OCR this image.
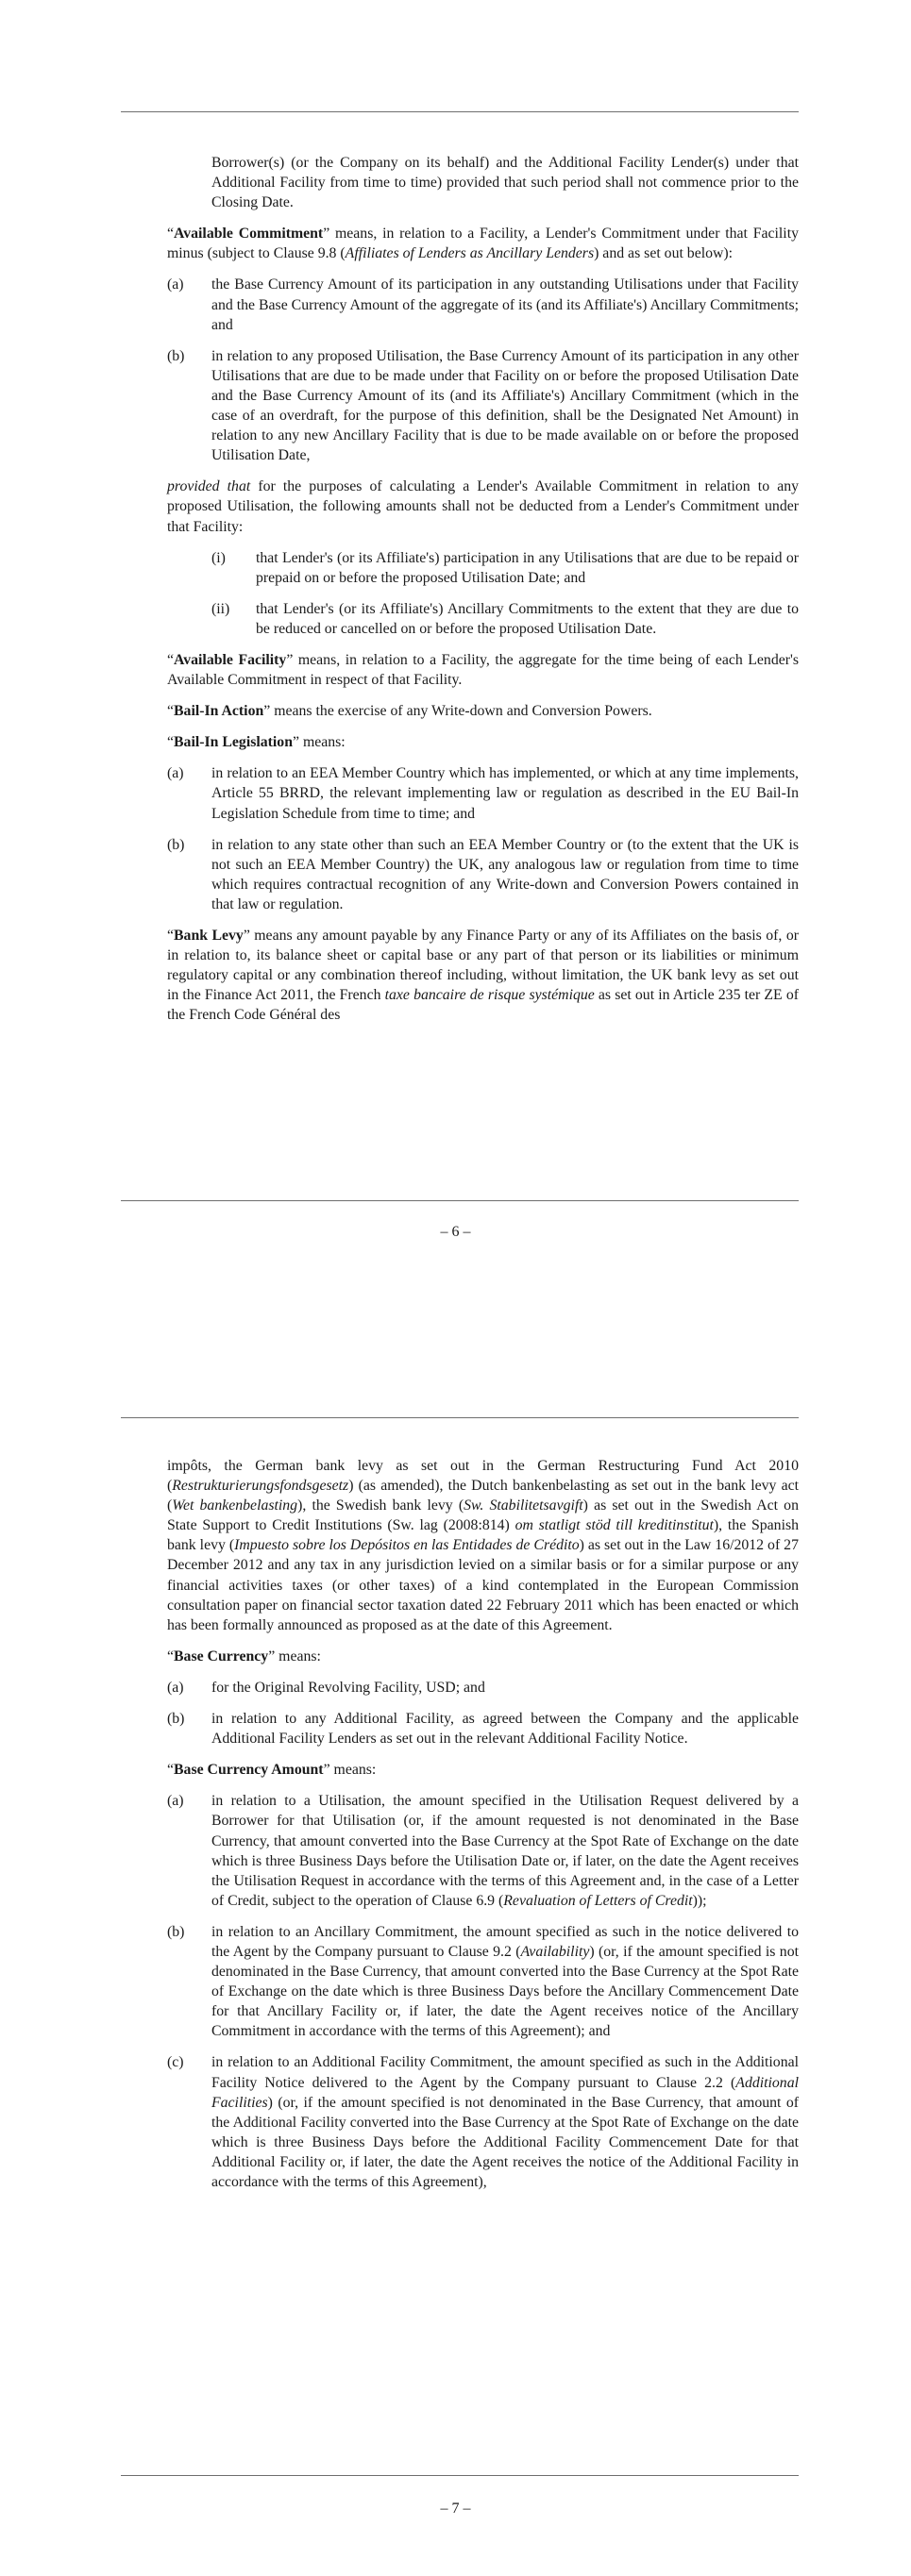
Borrower(s) (or the Company on its behalf) and the Additional Facility Lender(s) under that Additional Facility from time to time) provided that such period shall not commence prior to the Closing Date.

“Available Commitment” means, in relation to a Facility, a Lender's Commitment under that Facility minus (subject to Clause 9.8 (Affiliates of Lenders as Ancillary Lenders) and as set out below):

(a) the Base Currency Amount of its participation in any outstanding Utilisations under that Facility and the Base Currency Amount of the aggregate of its (and its Affiliate's) Ancillary Commitments; and
(b) in relation to any proposed Utilisation, the Base Currency Amount of its participation in any other Utilisations that are due to be made under that Facility on or before the proposed Utilisation Date and the Base Currency Amount of its (and its Affiliate's) Ancillary Commitment (which in the case of an overdraft, for the purpose of this definition, shall be the Designated Net Amount) in relation to any new Ancillary Facility that is due to be made available on or before the proposed Utilisation Date,

provided that for the purposes of calculating a Lender's Available Commitment in relation to any proposed Utilisation, the following amounts shall not be deducted from a Lender's Commitment under that Facility:

(i) that Lender's (or its Affiliate's) participation in any Utilisations that are due to be repaid or prepaid on or before the proposed Utilisation Date; and
(ii) that Lender's (or its Affiliate's) Ancillary Commitments to the extent that they are due to be reduced or cancelled on or before the proposed Utilisation Date.

“Available Facility” means, in relation to a Facility, the aggregate for the time being of each Lender's Available Commitment in respect of that Facility.

“Bail-In Action” means the exercise of any Write-down and Conversion Powers.

“Bail-In Legislation” means:

(a) in relation to an EEA Member Country which has implemented, or which at any time implements, Article 55 BRRD, the relevant implementing law or regulation as described in the EU Bail-In Legislation Schedule from time to time; and
(b) in relation to any state other than such an EEA Member Country or (to the extent that the UK is not such an EEA Member Country) the UK, any analogous law or regulation from time to time which requires contractual recognition of any Write-down and Conversion Powers contained in that law or regulation.

“Bank Levy” means any amount payable by any Finance Party or any of its Affiliates on the basis of, or in relation to, its balance sheet or capital base or any part of that person or its liabilities or minimum regulatory capital or any combination thereof including, without limitation, the UK bank levy as set out in the Finance Act 2011, the French taxe bancaire de risque systémique as set out in Article 235 ter ZE of the French Code Général des

– 6 –

impôts, the German bank levy as set out in the German Restructuring Fund Act 2010 (Restrukturierungsfondsgesetz) (as amended), the Dutch bankenbelasting as set out in the bank levy act (Wet bankenbelasting), the Swedish bank levy (Sw. Stabilitetsavgift) as set out in the Swedish Act on State Support to Credit Institutions (Sw. lag (2008:814) om statligt stöd till kreditinstitut), the Spanish bank levy (Impuesto sobre los Depósitos en las Entidades de Crédito) as set out in the Law 16/2012 of 27 December 2012 and any tax in any jurisdiction levied on a similar basis or for a similar purpose or any financial activities taxes (or other taxes) of a kind contemplated in the European Commission consultation paper on financial sector taxation dated 22 February 2011 which has been enacted or which has been formally announced as proposed as at the date of this Agreement.

“Base Currency” means:

(a) for the Original Revolving Facility, USD; and
(b) in relation to any Additional Facility, as agreed between the Company and the applicable Additional Facility Lenders as set out in the relevant Additional Facility Notice.

“Base Currency Amount” means:

(a) in relation to a Utilisation, the amount specified in the Utilisation Request delivered by a Borrower for that Utilisation (or, if the amount requested is not denominated in the Base Currency, that amount converted into the Base Currency at the Spot Rate of Exchange on the date which is three Business Days before the Utilisation Date or, if later, on the date the Agent receives the Utilisation Request in accordance with the terms of this Agreement and, in the case of a Letter of Credit, subject to the operation of Clause 6.9 (Revaluation of Letters of Credit));
(b) in relation to an Ancillary Commitment, the amount specified as such in the notice delivered to the Agent by the Company pursuant to Clause 9.2 (Availability) (or, if the amount specified is not denominated in the Base Currency, that amount converted into the Base Currency at the Spot Rate of Exchange on the date which is three Business Days before the Ancillary Commencement Date for that Ancillary Facility or, if later, the date the Agent receives notice of the Ancillary Commitment in accordance with the terms of this Agreement); and
(c) in relation to an Additional Facility Commitment, the amount specified as such in the Additional Facility Notice delivered to the Agent by the Company pursuant to Clause 2.2 (Additional Facilities) (or, if the amount specified is not denominated in the Base Currency, that amount of the Additional Facility converted into the Base Currency at the Spot Rate of Exchange on the date which is three Business Days before the Additional Facility Commencement Date for that Additional Facility or, if later, the date the Agent receives the notice of the Additional Facility in accordance with the terms of this Agreement),
– 7 –
